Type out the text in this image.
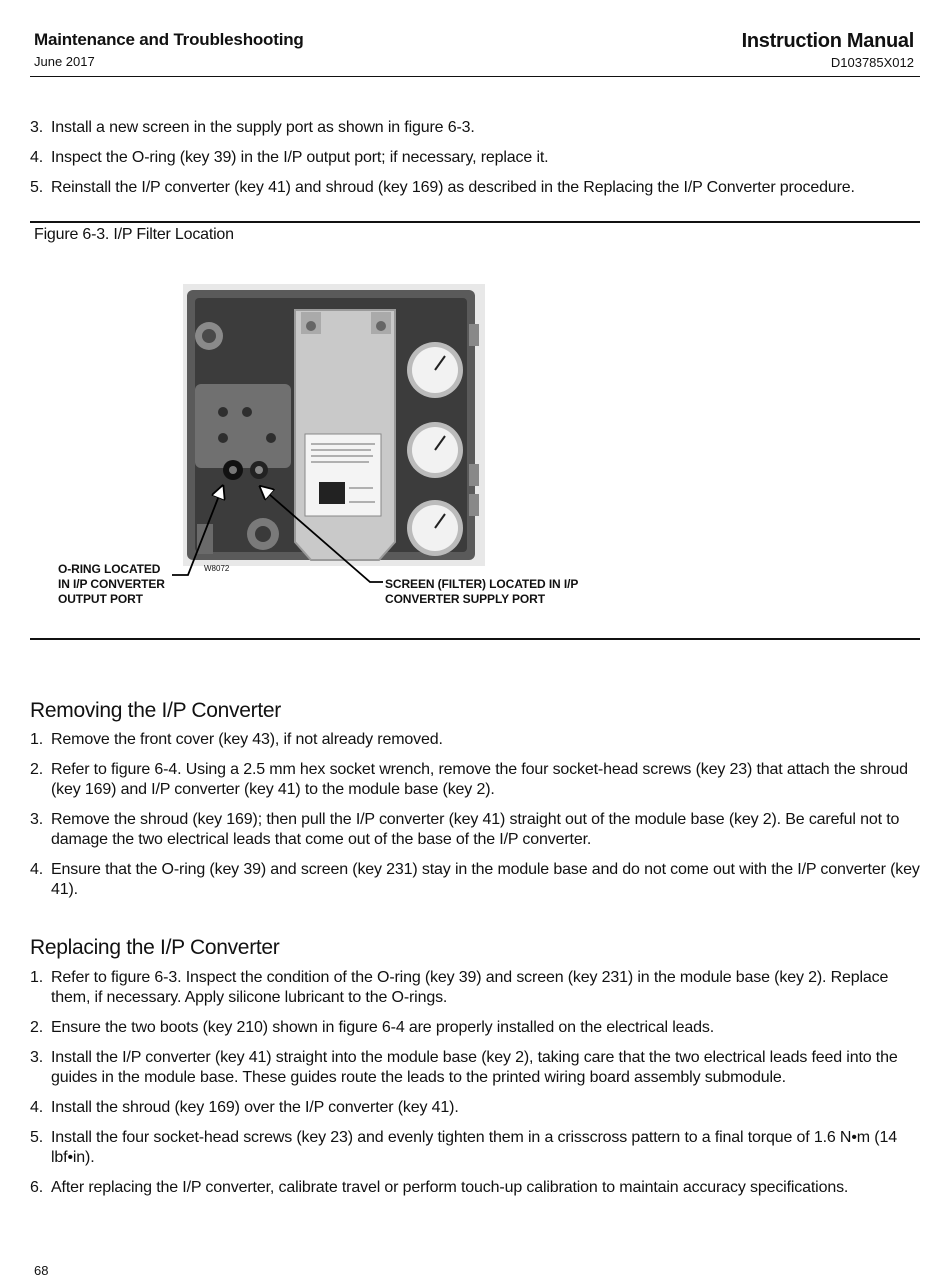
Maintenance and Troubleshooting
June 2017
Instruction Manual
D103785X012
3. Install a new screen in the supply port as shown in figure 6-3.
4. Inspect the O-ring (key 39) in the I/P output port; if necessary, replace it.
5. Reinstall the I/P converter (key 41) and shroud (key 169) as described in the Replacing the I/P Converter procedure.
Figure 6-3. I/P Filter Location
W8072
O-RING LOCATED
IN I/P CONVERTER
OUTPUT PORT
SCREEN (FILTER) LOCATED IN I/P
CONVERTER SUPPLY PORT
Removing the I/P Converter
1. Remove the front cover (key 43), if not already removed.
2. Refer to figure 6-4. Using a 2.5 mm hex socket wrench, remove the four socket-head screws (key 23) that attach the shroud (key 169) and I/P converter (key 41) to the module base (key 2).
3. Remove the shroud (key 169); then pull the I/P converter (key 41) straight out of the module base (key 2). Be careful not to damage the two electrical leads that come out of the base of the I/P converter.
4. Ensure that the O-ring (key 39) and screen (key 231) stay in the module base and do not come out with the I/P converter (key 41).
Replacing the I/P Converter
1. Refer to figure 6-3. Inspect the condition of the O-ring (key 39) and screen (key 231) in the module base (key 2). Replace them, if necessary. Apply silicone lubricant to the O-rings.
2. Ensure the two boots (key 210) shown in figure 6-4 are properly installed on the electrical leads.
3. Install the I/P converter (key 41) straight into the module base (key 2), taking care that the two electrical leads feed into the guides in the module base. These guides route the leads to the printed wiring board assembly submodule.
4. Install the shroud (key 169) over the I/P converter (key 41).
5. Install the four socket-head screws (key 23) and evenly tighten them in a crisscross pattern to a final torque of 1.6 N•m (14 lbf•in).
6. After replacing the I/P converter, calibrate travel or perform touch-up calibration to maintain accuracy specifications.
68
